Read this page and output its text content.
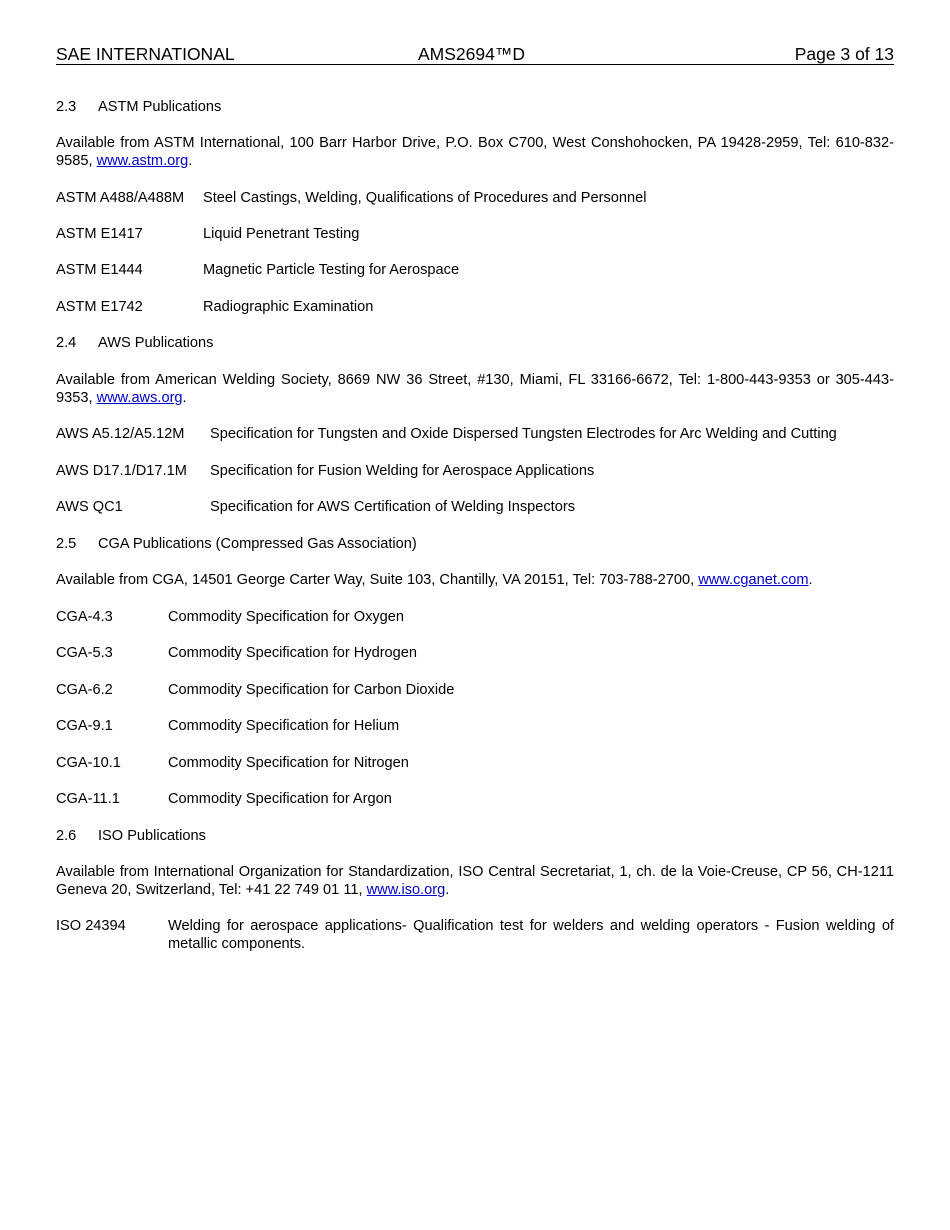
SAE INTERNATIONAL	AMS2694™D	Page 3 of 13
2.3 ASTM Publications
Available from ASTM International, 100 Barr Harbor Drive, P.O. Box C700, West Conshohocken, PA 19428-2959, Tel: 610-832-9585, www.astm.org.
ASTM A488/A488M Steel Castings, Welding, Qualifications of Procedures and Personnel
ASTM E1417	Liquid Penetrant Testing
ASTM E1444	Magnetic Particle Testing for Aerospace
ASTM E1742	Radiographic Examination
2.4 AWS Publications
Available from American Welding Society, 8669 NW 36 Street, #130, Miami, FL 33166-6672, Tel: 1-800-443-9353 or 305-443-9353, www.aws.org.
AWS A5.12/A5.12M Specification for Tungsten and Oxide Dispersed Tungsten Electrodes for Arc Welding and Cutting
AWS D17.1/D17.1M Specification for Fusion Welding for Aerospace Applications
AWS QC1	Specification for AWS Certification of Welding Inspectors
2.5 CGA Publications (Compressed Gas Association)
Available from CGA, 14501 George Carter Way, Suite 103, Chantilly, VA 20151, Tel: 703-788-2700, www.cganet.com.
CGA-4.3	Commodity Specification for Oxygen
CGA-5.3	Commodity Specification for Hydrogen
CGA-6.2	Commodity Specification for Carbon Dioxide
CGA-9.1	Commodity Specification for Helium
CGA-10.1	Commodity Specification for Nitrogen
CGA-11.1	Commodity Specification for Argon
2.6 ISO Publications
Available from International Organization for Standardization, ISO Central Secretariat, 1, ch. de la Voie-Creuse, CP 56, CH-1211 Geneva 20, Switzerland, Tel: +41 22 749 01 11, www.iso.org.
ISO 24394	Welding for aerospace applications- Qualification test for welders and welding operators - Fusion welding of metallic components.
